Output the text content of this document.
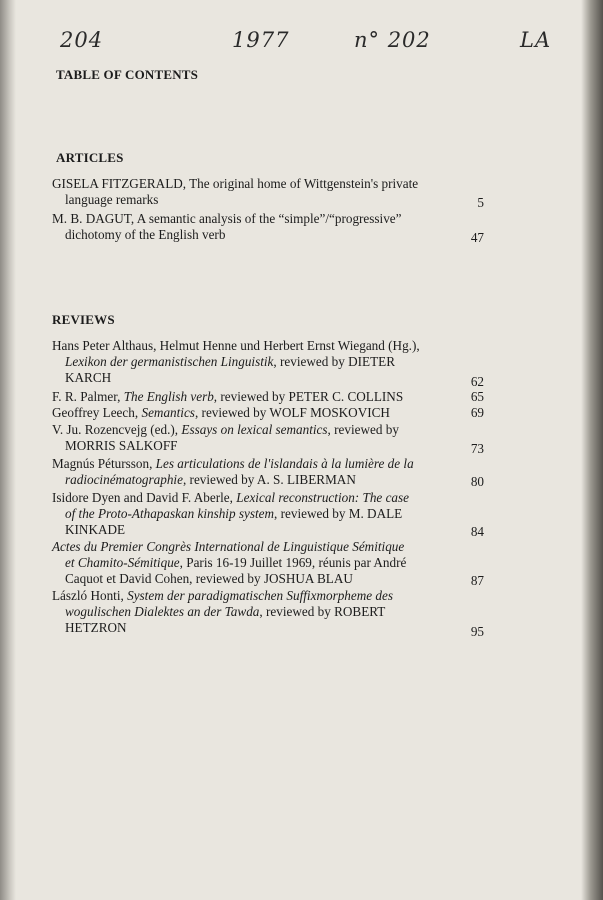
204	1977	n° 202	LA
TABLE OF CONTENTS
ARTICLES
GISELA FITZGERALD, The original home of Wittgenstein's private
language remarks	5
M. B. DAGUT, A semantic analysis of the “simple”/“progressive”
dichotomy of the English verb	47
REVIEWS
Hans Peter Althaus, Helmut Henne und Herbert Ernst Wiegand (Hg.),
Lexikon der germanistischen Linguistik, reviewed by DIETER
KARCH	62
F. R. Palmer, The English verb, reviewed by PETER C. COLLINS	65
Geoffrey Leech, Semantics, reviewed by WOLF MOSKOVICH	69
V. Ju. Rozencvejg (ed.), Essays on lexical semantics, reviewed by
MORRIS SALKOFF	73
Magnús Pétursson, Les articulations de l'islandais à la lumière de la
radiocinématographie, reviewed by A. S. LIBERMAN	80
Isidore Dyen and David F. Aberle, Lexical reconstruction: The case
of the Proto-Athapaskan kinship system, reviewed by M. DALE
KINKADE	84
Actes du Premier Congrès International de Linguistique Sémitique
et Chamito-Sémitique, Paris 16-19 Juillet 1969, réunis par André
Caquot et David Cohen, reviewed by JOSHUA BLAU	87
László Honti, System der paradigmatischen Suffixmorpheme des
wogulischen Dialektes an der Tawda, reviewed by ROBERT
HETZRON	95
